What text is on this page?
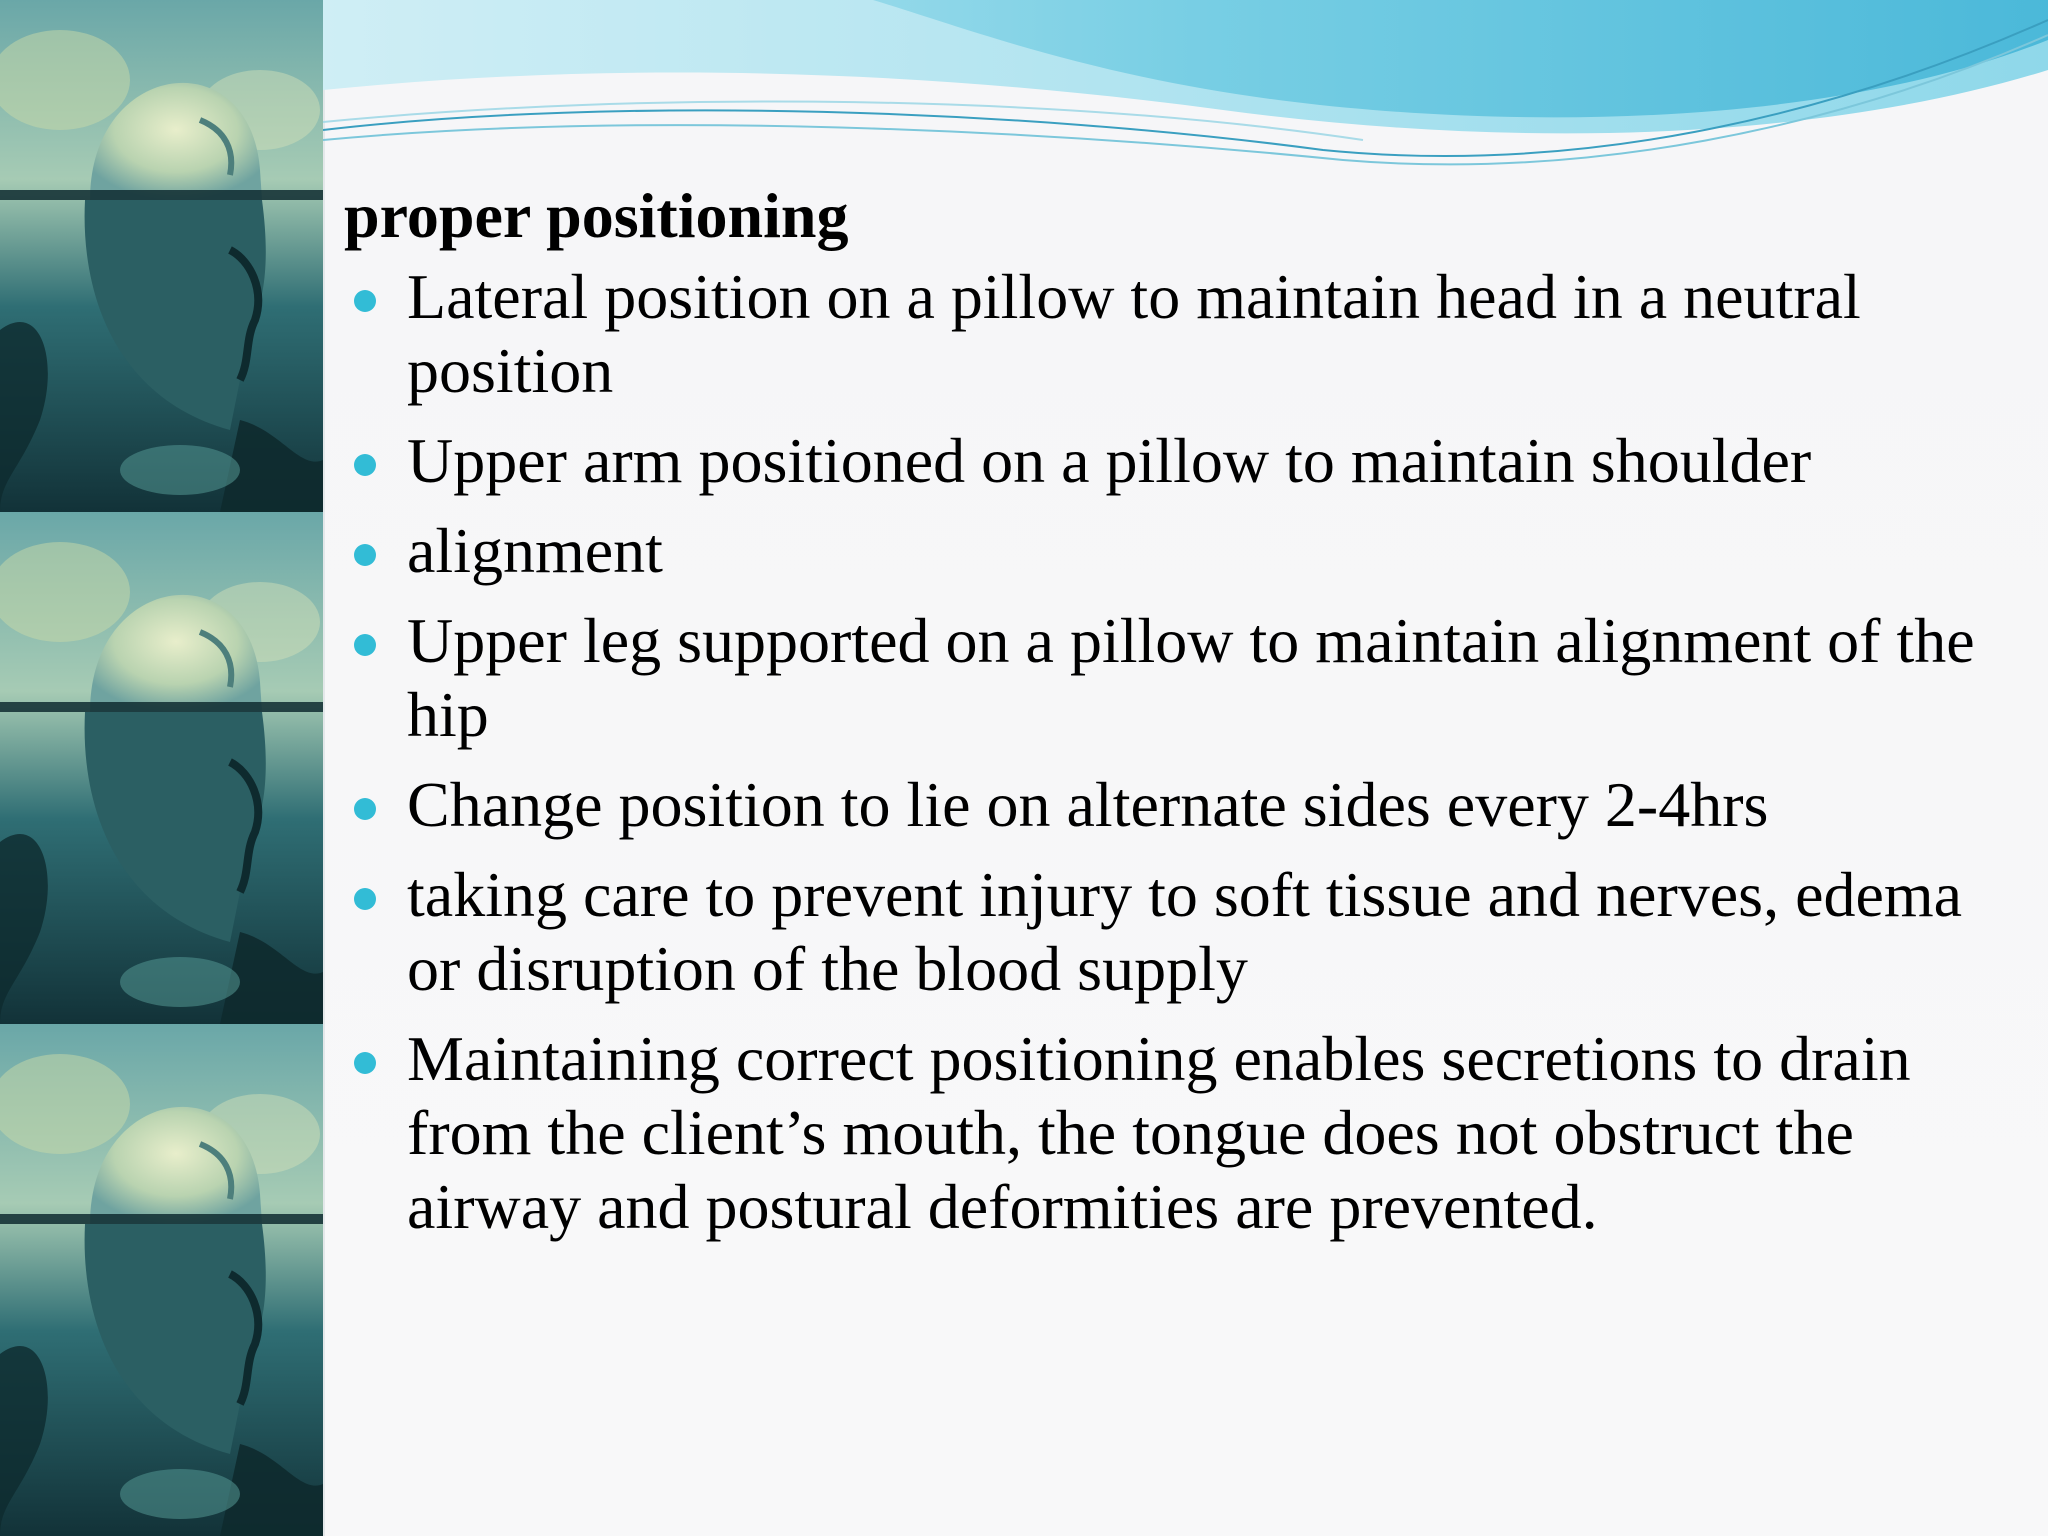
proper positioning
Lateral position on a pillow to maintain head in a neutral position
Upper arm positioned on a pillow to maintain shoulder
alignment
Upper leg supported on a pillow to maintain alignment of the hip
Change position to lie on alternate sides every 2-4hrs
taking care to prevent injury to soft tissue and nerves, edema or disruption of the blood supply
Maintaining correct positioning enables secretions to drain from the client’s mouth, the tongue does not obstruct the airway and postural deformities are prevented.
